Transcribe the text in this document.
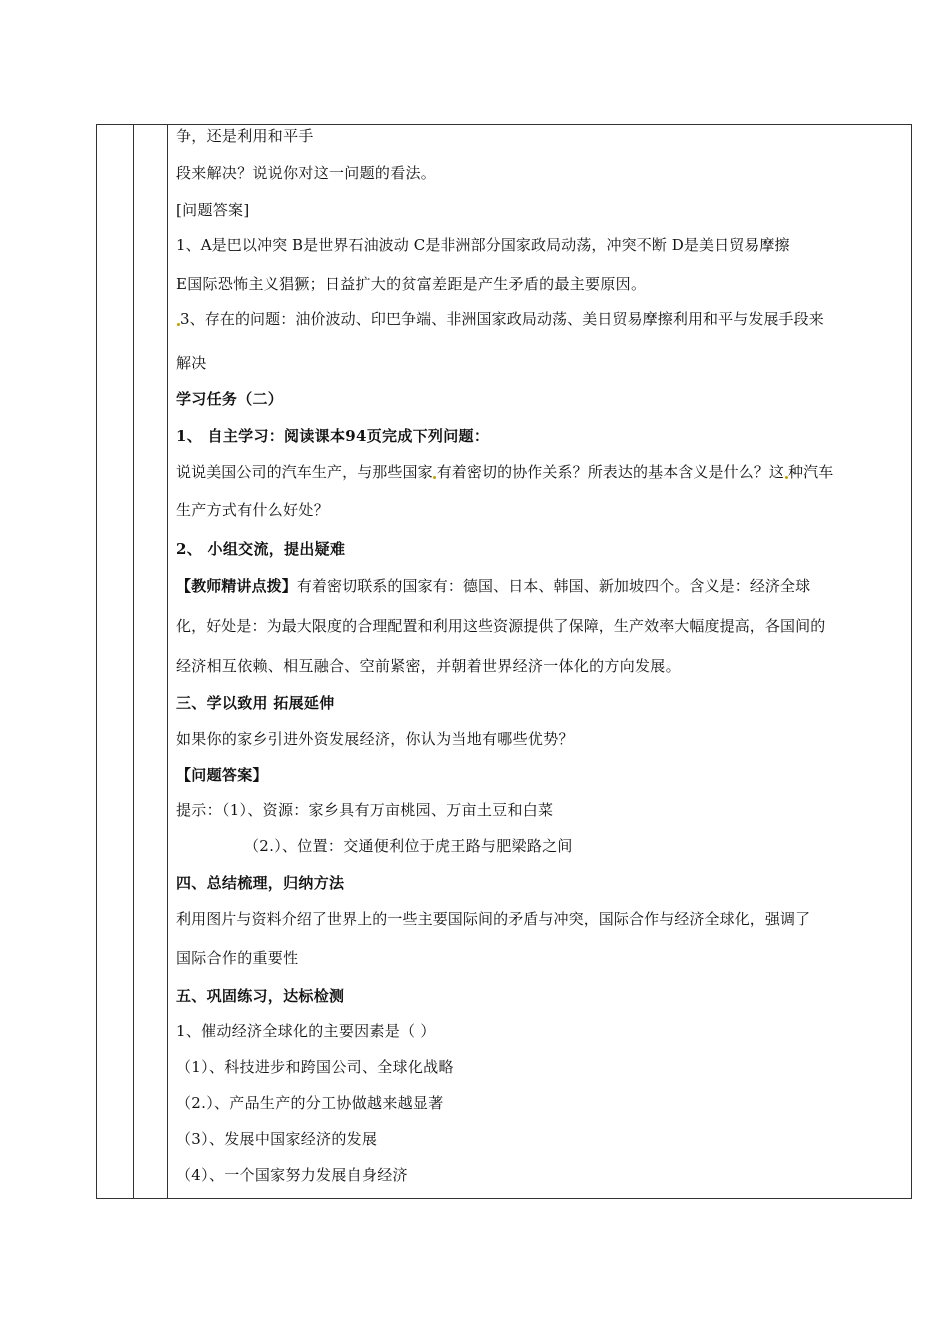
争，还是利用和平手
段来解决？说说你对这一问题的看法。
[问题答案]
1、A是巴以冲突 B是世界石油波动 C是非洲部分国家政局动荡，冲突不断 D是美日贸易摩擦
E国际恐怖主义猖獗；日益扩大的贫富差距是产生矛盾的最主要原因。
3、存在的问题：油价波动、印巴争端、非洲国家政局动荡、美日贸易摩擦利用和平与发展手段来
解决
学习任务（二）
1、 自主学习：阅读课本94页完成下列问题：
说说美国公司的汽车生产，与那些国家 有着密切的协作关系？所表达的基本含义是什么？这 种汽车
生产方式有什么好处？
2、 小组交流，提出疑难
【教师精讲点拨】有着密切联系的国家有：德国、日本、韩国、新加坡四个。含义是：经济全球
化，好处是：为最大限度的合理配置和利用这些资源提供了保障，生产效率大幅度提高，各国间的
经济相互依赖、相互融合、空前紧密，并朝着世界经济一体化的方向发展。
三、学以致用 拓展延伸
如果你的家乡引进外资发展经济，你认为当地有哪些优势？
【问题答案】
提示：（1）、资源：家乡具有万亩桃园、万亩土豆和白菜
（2.）、位置：交通便利位于虎王路与肥梁路之间
四、总结梳理，归纳方法
利用图片与资料介绍了世界上的一些主要国际间的矛盾与冲突，国际合作与经济全球化，强调了
国际合作的重要性
五、巩固练习，达标检测
1、催动经济全球化的主要因素是（ ）
（1）、科技进步和跨国公司、全球化战略
（2.）、产品生产的分工协做越来越显著
（3）、发展中国家经济的发展
（4）、一个国家努力发展自身经济
